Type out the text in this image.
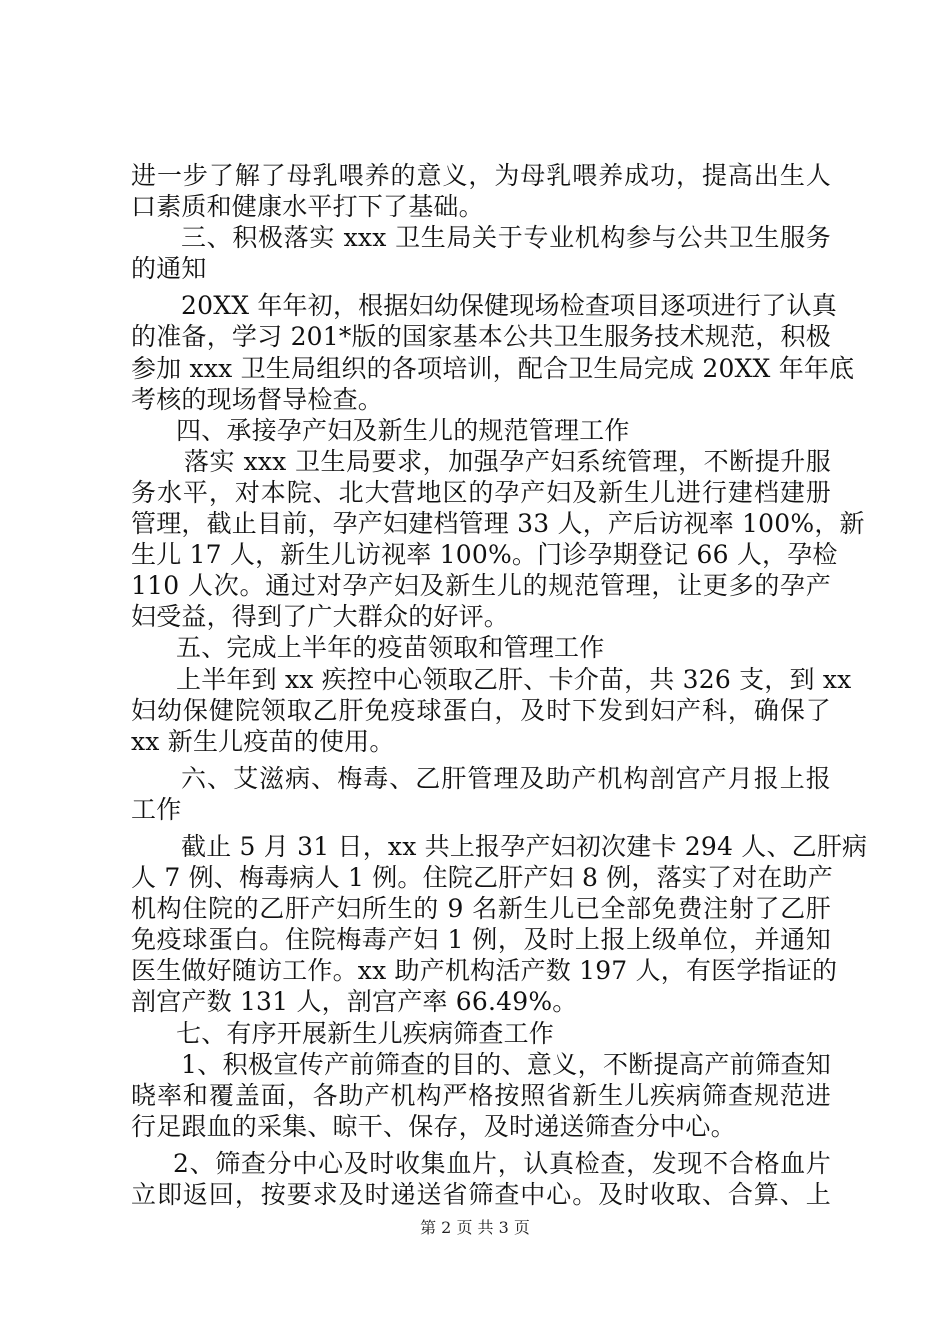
进一步了解了母乳喂养的意义，为母乳喂养成功，提高出生人
口素质和健康水平打下了基础。
三、积极落实 xxx 卫生局关于专业机构参与公共卫生服务
的通知
20XX 年年初，根据妇幼保健现场检查项目逐项进行了认真
的准备，学习 201*版的国家基本公共卫生服务技术规范，积极
参加 xxx 卫生局组织的各项培训，配合卫生局完成 20XX 年年底
考核的现场督导检查。
四、承接孕产妇及新生儿的规范管理工作
落实 xxx 卫生局要求，加强孕产妇系统管理，不断提升服
务水平，对本院、北大营地区的孕产妇及新生儿进行建档建册
管理，截止目前，孕产妇建档管理 33 人，产后访视率 100%，新
生儿 17 人，新生儿访视率 100%。门诊孕期登记 66 人，孕检
110 人次。通过对孕产妇及新生儿的规范管理，让更多的孕产
妇受益，得到了广大群众的好评。
五、完成上半年的疫苗领取和管理工作
上半年到 xx 疾控中心领取乙肝、卡介苗，共 326 支，到 xx
妇幼保健院领取乙肝免疫球蛋白，及时下发到妇产科，确保了
xx 新生儿疫苗的使用。
六、艾滋病、梅毒、乙肝管理及助产机构剖宫产月报上报
工作
截止 5 月 31 日，xx 共上报孕产妇初次建卡 294 人、乙肝病
人 7 例、梅毒病人 1 例。住院乙肝产妇 8 例，落实了对在助产
机构住院的乙肝产妇所生的 9 名新生儿已全部免费注射了乙肝
免疫球蛋白。住院梅毒产妇 1 例，及时上报上级单位，并通知
医生做好随访工作。xx 助产机构活产数 197 人，有医学指证的
剖宫产数 131 人，剖宫产率 66.49%。
七、有序开展新生儿疾病筛查工作
1、积极宣传产前筛查的目的、意义，不断提高产前筛查知
晓率和覆盖面，各助产机构严格按照省新生儿疾病筛查规范进
行足跟血的采集、晾干、保存，及时递送筛查分中心。
2、筛查分中心及时收集血片，认真检查，发现不合格血片
立即返回，按要求及时递送省筛查中心。及时收取、合算、上
第 2 页 共 3 页
